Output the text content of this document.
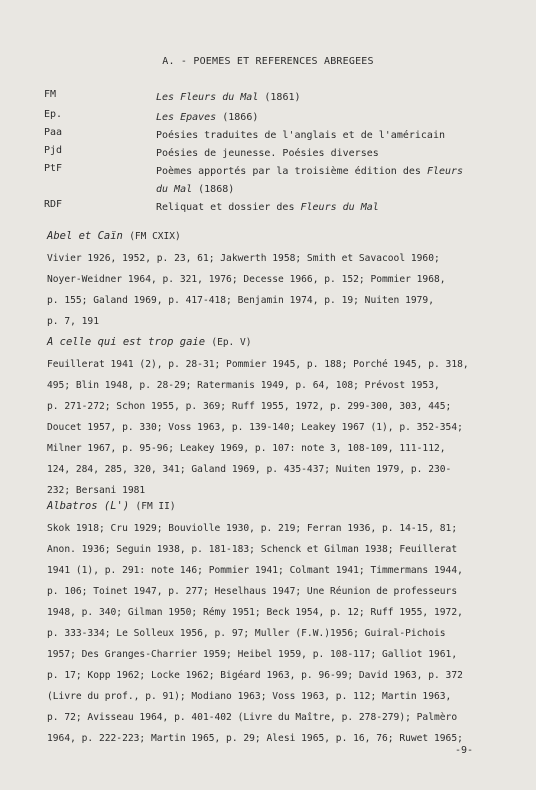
A. - POEMES ET REFERENCES ABREGEES
FM	Les Fleurs du Mal (1861)
Ep.	Les Epaves (1866)
Paa	Poésies traduites de l'anglais et de l'américain
Pjd	Poésies de jeunesse. Poésies diverses
PtF	Poèmes apportés par la troisième édition des Fleurs du Mal (1868)
RDF	Reliquat et dossier des Fleurs du Mal
Abel et Caïn (FM CXIX)
Vivier 1926, 1952, p. 23, 61; Jakwerth 1958; Smith et Savacool 1960;
Noyer-Weidner 1964, p. 321, 1976; Decesse 1966, p. 152; Pommier 1968,
p. 155; Galand 1969, p. 417-418; Benjamin 1974, p. 19; Nuiten 1979,
p. 7, 191
A celle qui est trop gaie (Ep. V)
Feuillerat 1941 (2), p. 28-31; Pommier 1945, p. 188; Porché 1945, p. 318,
495; Blin 1948, p. 28-29; Ratermanis 1949, p. 64, 108; Prévost 1953,
p. 271-272; Schon 1955, p. 369; Ruff 1955, 1972, p. 299-300, 303, 445;
Doucet 1957, p. 330; Voss 1963, p. 139-140; Leakey 1967 (1), p. 352-354;
Milner 1967, p. 95-96; Leakey 1969, p. 107: note 3, 108-109, 111-112,
124, 284, 285, 320, 341; Galand 1969, p. 435-437; Nuiten 1979, p. 230-
232; Bersani 1981
Albatros (L') (FM II)
Skok 1918; Cru 1929; Bouviolle 1930, p. 219; Ferran 1936, p. 14-15, 81;
Anon. 1936; Seguin 1938, p. 181-183; Schenck et Gilman 1938; Feuillerat
1941 (1), p. 291: note 146; Pommier 1941; Colmant 1941; Timmermans 1944,
p. 106; Toinet 1947, p. 277; Heselhaus 1947; Une Réunion de professeurs
1948, p. 340; Gilman 1950; Rémy 1951; Beck 1954, p. 12; Ruff 1955, 1972,
p. 333-334; Le Solleux 1956, p. 97; Muller (F.W.)1956; Guiral-Pichois
1957; Des Granges-Charrier 1959; Heibel 1959, p. 108-117; Galliot 1961,
p. 17; Kopp 1962; Locke 1962; Bigéard 1963, p. 96-99; David 1963, p. 372
(Livre du prof., p. 91); Modiano 1963; Voss 1963, p. 112; Martin 1963,
p. 72; Avisseau 1964, p. 401-402 (Livre du Maître, p. 278-279); Palmèro
1964, p. 222-223; Martin 1965, p. 29; Alesi 1965, p. 16, 76; Ruwet 1965;
-9-
